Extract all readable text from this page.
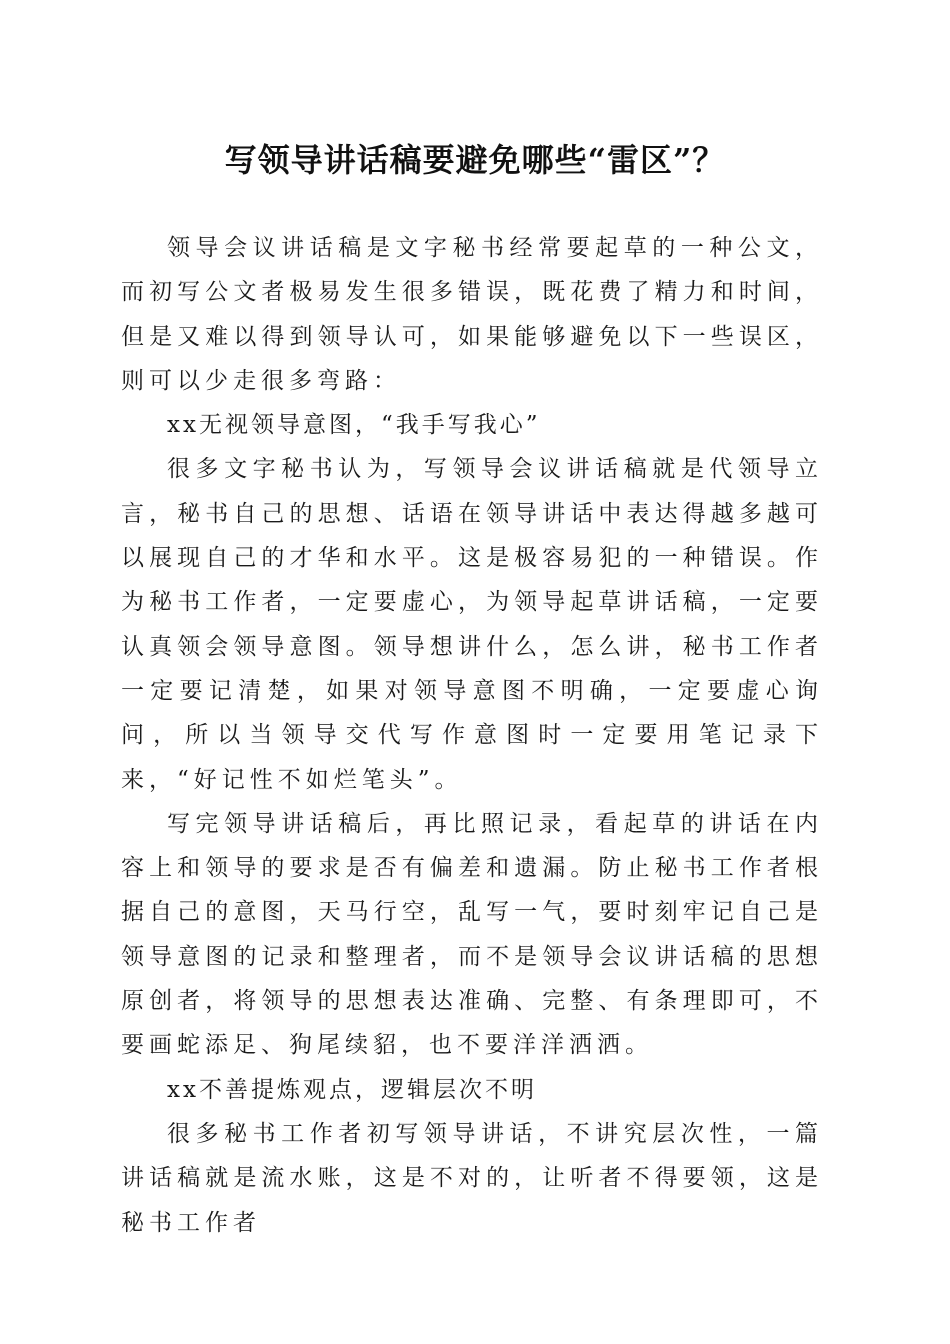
写领导讲话稿要避免哪些“雷区”？

领导会议讲话稿是文字秘书经常要起草的一种公文，而初写公文者极易发生很多错误，既花费了精力和时间，但是又难以得到领导认可，如果能够避免以下一些误区，则可以少走很多弯路：

xx无视领导意图，“我手写我心”

很多文字秘书认为，写领导会议讲话稿就是代领导立言，秘书自己的思想、话语在领导讲话中表达得越多越可以展现自己的才华和水平。这是极容易犯的一种错误。作为秘书工作者，一定要虚心，为领导起草讲话稿，一定要认真领会领导意图。领导想讲什么，怎么讲，秘书工作者一定要记清楚，如果对领导意图不明确，一定要虚心询问，所以当领导交代写作意图时一定要用笔记录下来，“好记性不如烂笔头”。

写完领导讲话稿后，再比照记录，看起草的讲话在内容上和领导的要求是否有偏差和遗漏。防止秘书工作者根据自己的意图，天马行空，乱写一气，要时刻牢记自己是领导意图的记录和整理者，而不是领导会议讲话稿的思想原创者，将领导的思想表达准确、完整、有条理即可，不要画蛇添足、狗尾续貂，也不要洋洋洒洒。

xx不善提炼观点，逻辑层次不明

很多秘书工作者初写领导讲话，不讲究层次性，一篇讲话稿就是流水账，这是不对的，让听者不得要领，这是秘书工作者
